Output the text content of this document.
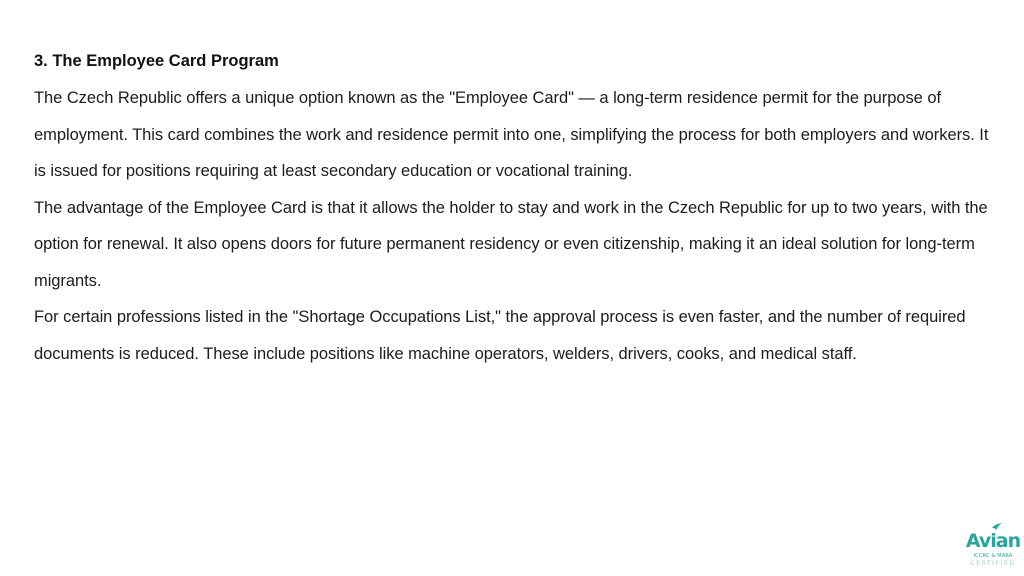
3. The Employee Card Program

The Czech Republic offers a unique option known as the "Employee Card" — a long-term residence permit for the purpose of employment. This card combines the work and residence permit into one, simplifying the process for both employers and workers. It is issued for positions requiring at least secondary education or vocational training.

The advantage of the Employee Card is that it allows the holder to stay and work in the Czech Republic for up to two years, with the option for renewal. It also opens doors for future permanent residency or even citizenship, making it an ideal solution for long-term migrants.

For certain professions listed in the "Shortage Occupations List," the approval process is even faster, and the number of required documents is reduced. These include positions like machine operators, welders, drivers, cooks, and medical staff.

Avian
ICCRC & MARA
CERTIFIED
